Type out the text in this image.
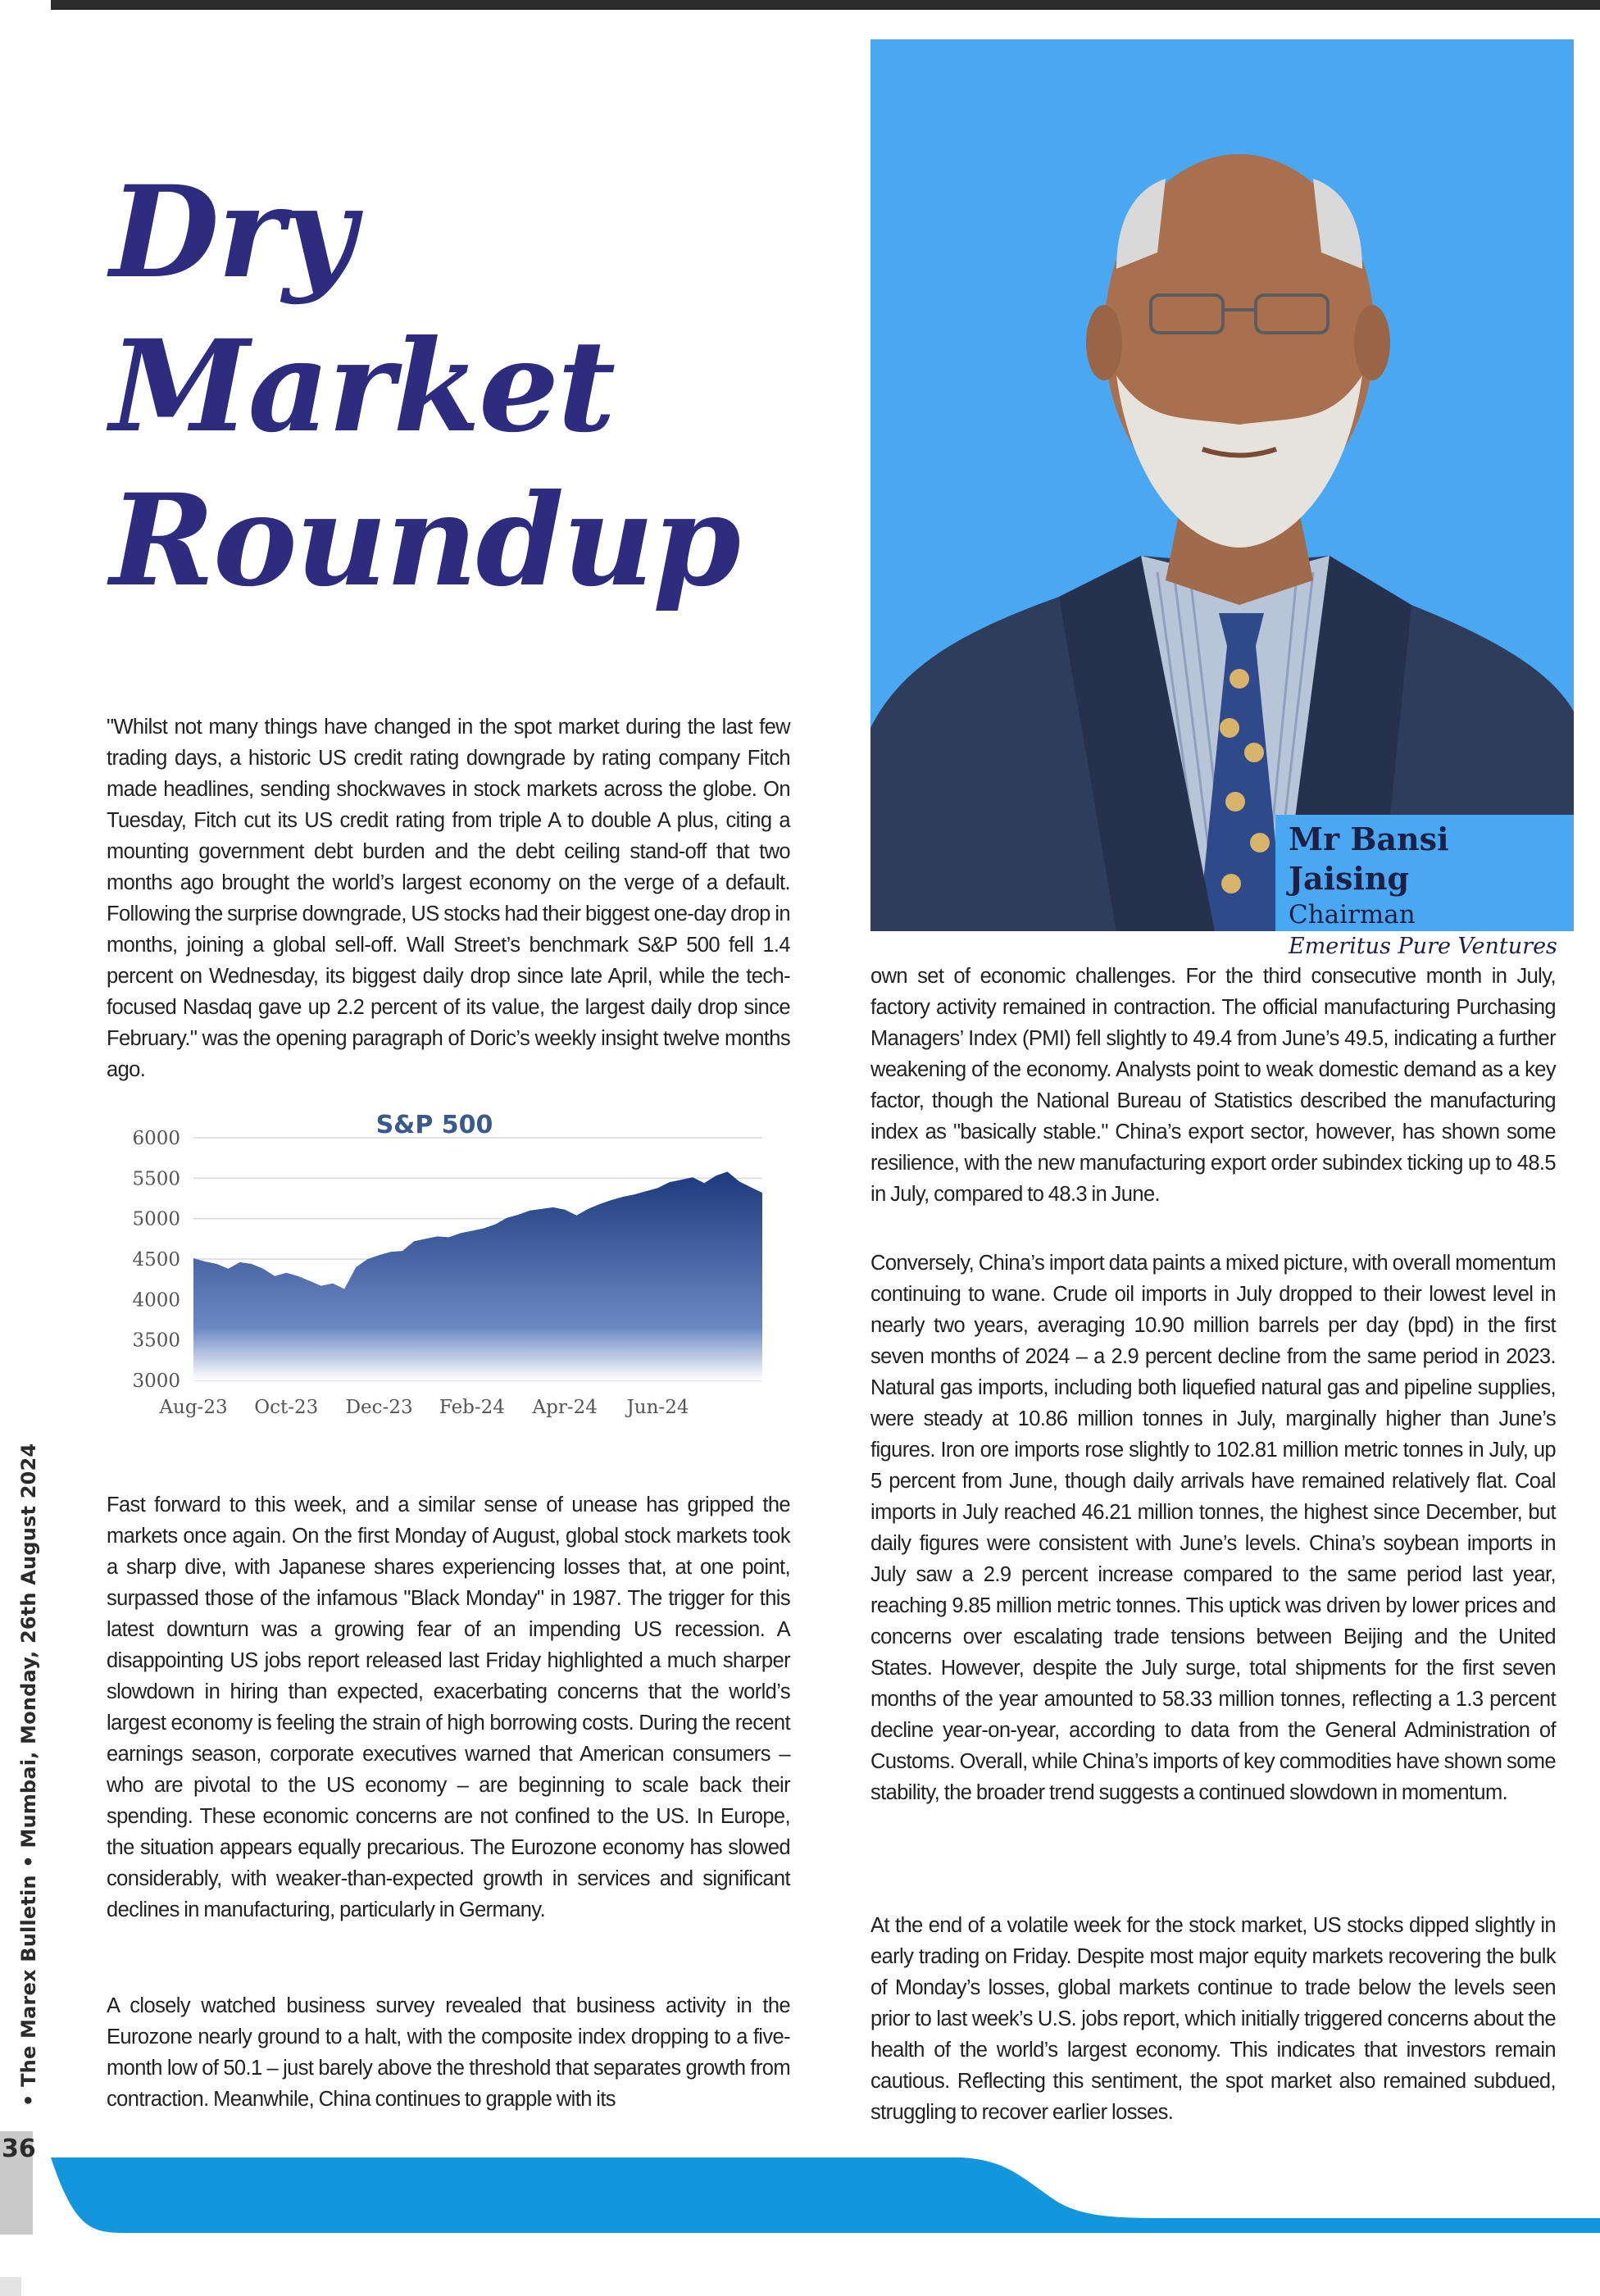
Dry Market
Roundup
Mr Bansi Jaising
Chairman
Emeritus Pure Ventures

"Whilst not many things have changed in the spot market during the last few trading days, a historic US credit rating downgrade by rating company Fitch made headlines, sending shockwaves in stock markets across the globe. On Tuesday, Fitch cut its US credit rating from triple A to double A plus, citing a mounting government debt burden and the debt ceiling stand-off that two months ago brought the world’s largest economy on the verge of a default. Following the surprise downgrade, US stocks had their biggest one-day drop in months, joining a global sell-off. Wall Street’s benchmark S&P 500 fell 1.4 percent on Wednesday, its biggest daily drop since late April, while the tech-focused Nasdaq gave up 2.2 percent of its value, the largest daily drop since February." was the opening paragraph of Doric’s weekly insight twelve months ago.

S&P 500
6000
5500
5000
4500
4000
3500
3000
Aug-23 Oct-23 Dec-23 Feb-24 Apr-24 Jun-24

Fast forward to this week, and a similar sense of unease has gripped the markets once again. On the first Monday of August, global stock markets took a sharp dive, with Japanese shares experiencing losses that, at one point, surpassed those of the infamous "Black Monday" in 1987. The trigger for this latest downturn was a growing fear of an impending US recession. A disappointing US jobs report released last Friday highlighted a much sharper slowdown in hiring than expected, exacerbating concerns that the world’s largest economy is feeling the strain of high borrowing costs. During the recent earnings season, corporate executives warned that American consumers – who are pivotal to the US economy – are beginning to scale back their spending. These economic concerns are not confined to the US. In Europe, the situation appears equally precarious. The Eurozone economy has slowed considerably, with weaker-than-expected growth in services and significant declines in manufacturing, particularly in Germany.

A closely watched business survey revealed that business activity in the Eurozone nearly ground to a halt, with the composite index dropping to a five-month low of 50.1 – just barely above the threshold that separates growth from contraction. Meanwhile, China continues to grapple with its

own set of economic challenges. For the third consecutive month in July, factory activity remained in contraction. The official manufacturing Purchasing Managers’ Index (PMI) fell slightly to 49.4 from June’s 49.5, indicating a further weakening of the economy. Analysts point to weak domestic demand as a key factor, though the National Bureau of Statistics described the manufacturing index as "basically stable." China’s export sector, however, has shown some resilience, with the new manufacturing export order subindex ticking up to 48.5 in July, compared to 48.3 in June.

Conversely, China’s import data paints a mixed picture, with overall momentum continuing to wane. Crude oil imports in July dropped to their lowest level in nearly two years, averaging 10.90 million barrels per day (bpd) in the first seven months of 2024 – a 2.9 percent decline from the same period in 2023. Natural gas imports, including both liquefied natural gas and pipeline supplies, were steady at 10.86 million tonnes in July, marginally higher than June’s figures. Iron ore imports rose slightly to 102.81 million metric tonnes in July, up 5 percent from June, though daily arrivals have remained relatively flat. Coal imports in July reached 46.21 million tonnes, the highest since December, but daily figures were consistent with June’s levels. China’s soybean imports in July saw a 2.9 percent increase compared to the same period last year, reaching 9.85 million metric tonnes. This uptick was driven by lower prices and concerns over escalating trade tensions between Beijing and the United States. However, despite the July surge, total shipments for the first seven months of the year amounted to 58.33 million tonnes, reflecting a 1.3 percent decline year-on-year, according to data from the General Administration of Customs. Overall, while China’s imports of key commodities have shown some stability, the broader trend suggests a continued slowdown in momentum.

At the end of a volatile week for the stock market, US stocks dipped slightly in early trading on Friday. Despite most major equity markets recovering the bulk of Monday’s losses, global markets continue to trade below the levels seen prior to last week’s U.S. jobs report, which initially triggered concerns about the health of the world’s largest economy. This indicates that investors remain cautious. Reflecting this sentiment, the spot market also remained subdued, struggling to recover earlier losses.

• The Marex Bulletin • Mumbai, Monday, 26th August 2024
36
